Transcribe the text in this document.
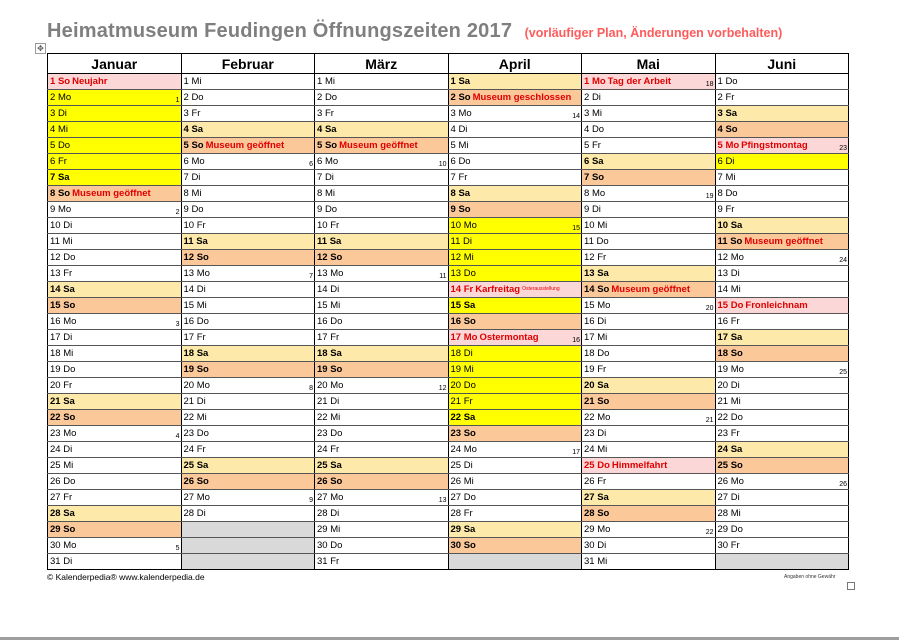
Heimatmuseum Feudingen Öffnungszeiten 2017 (vorläufiger Plan, Änderungen vorbehalten)
✥
Januar	Februar	März	April	Mai	Juni
1 So Neujahr	1 Mi	1 Mi	1 Sa	1 Mo Tag der Arbeit 18	1 Do
2 Mo 1	2 Do	2 Do	2 So Museum geschlossen	2 Di	2 Fr
3 Di	3 Fr	3 Fr	3 Mo 14	3 Mi	3 Sa
4 Mi	4 Sa	4 Sa	4 Di	4 Do	4 So
5 Do	5 So Museum geöffnet	5 So Museum geöffnet	5 Mi	5 Fr	5 Mo Pfingstmontag 23

6 Fr	6 Mo 6	6 Mo 10	6 Do	6 Sa	6 Di
7 Sa	7 Di	7 Di	7 Fr	7 So	7 Mi
8 So Museum geöffnet	8 Mi	8 Mi	8 Sa	8 Mo 19	8 Do
9 Mo 2	9 Do	9 Do	9 So	9 Di	9 Fr
10 Di	10 Fr	10 Fr	10 Mo 15	10 Mi	10 Sa
11 Mi	11 Sa	11 Sa	11 Di	11 Do	11 So Museum geöffnet
12 Do	12 So	12 So	12 Mi	12 Fr	12 Mo 24

13 Fr	13 Mo 7	13 Mo 11	13 Do	13 Sa	13 Di
14 Sa	14 Di	14 Di	14 Fr Karfreitag Osterausstellung	14 So Museum geöffnet	14 Mi
15 So	15 Mi	15 Mi	15 Sa	15 Mo 20	15 Do Fronleichnam
16 Mo 3	16 Do	16 Do	16 So	16 Di	16 Fr
17 Di	17 Fr	17 Fr	17 Mo Ostermontag 16	17 Mi	17 Sa
18 Mi	18 Sa	18 Sa	18 Di	18 Do	18 So
19 Do	19 So	19 So	19 Mi	19 Fr	19 Mo 25

20 Fr	20 Mo 8	20 Mo 12	20 Do	20 Sa	20 Di
21 Sa	21 Di	21 Di	21 Fr	21 So	21 Mi
22 So	22 Mi	22 Mi	22 Sa	22 Mo 21	22 Do
23 Mo 4	23 Do	23 Do	23 So	23 Di	23 Fr
24 Di	24 Fr	24 Fr	24 Mo 17	24 Mi	24 Sa
25 Mi	25 Sa	25 Sa	25 Di	25 Do Himmelfahrt	25 So
26 Do	26 So	26 So	26 Mi	26 Fr	26 Mo 26

27 Fr	27 Mo 9	27 Mo 13	27 Do	27 Sa	27 Di
28 Sa	28 Di	28 Di	28 Fr	28 So	28 Mi
29 So		29 Mi	29 Sa	29 Mo 22	29 Do
30 Mo 5		30 Do	30 So	30 Di	30 Fr
31 Di		31 Fr		31 Mi	
© Kalenderpedia® www.kalenderpedia.de	Angaben ohne Gewähr
